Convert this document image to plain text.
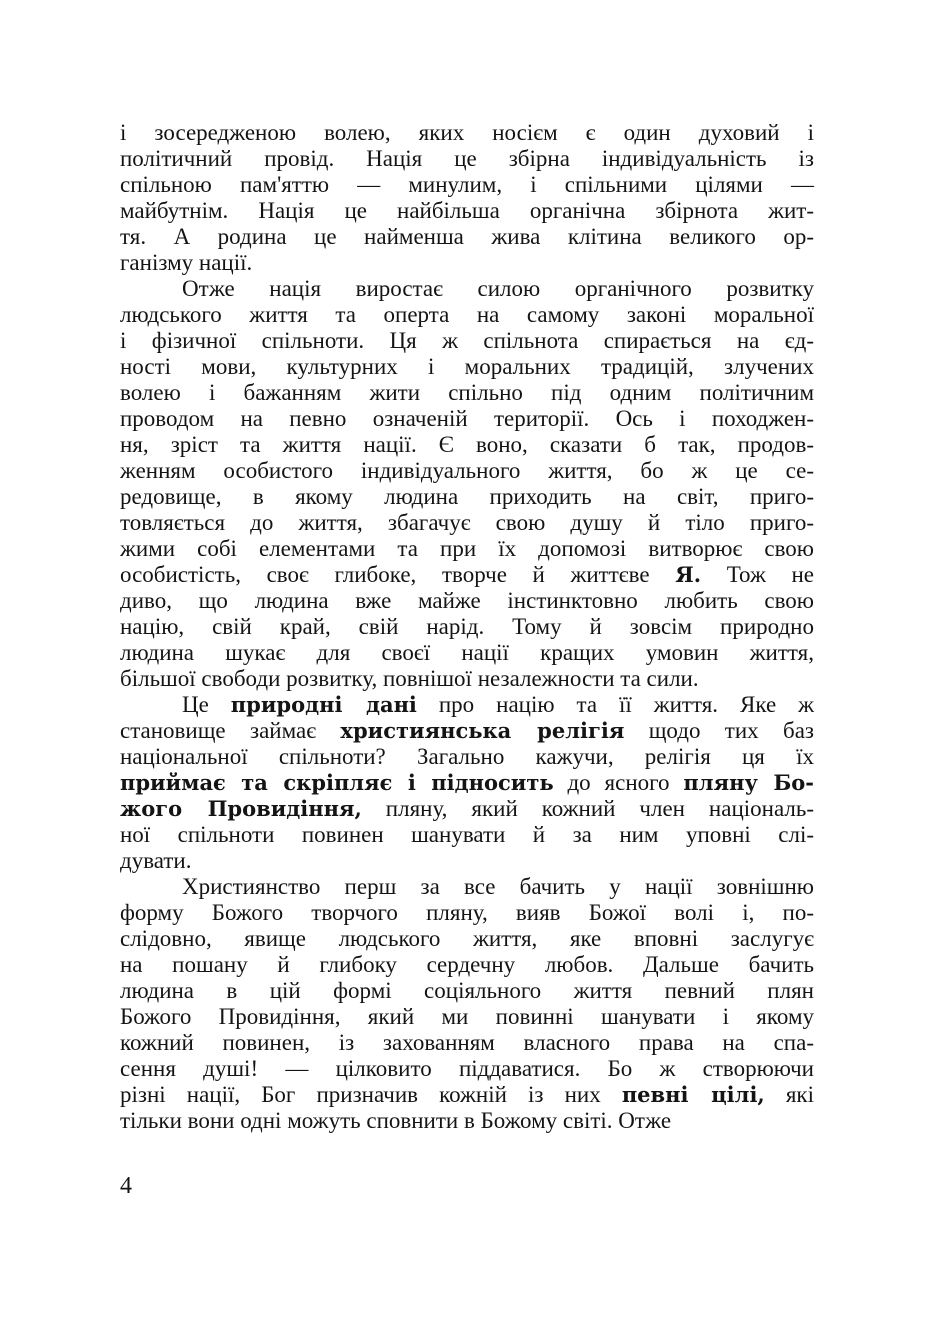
і зосередженою волею, яких носієм є один духовий і
політичний провід. Нація це збірна індивідуальність із
спільною пам'яттю — минулим, і спільними цілями —
майбутнім. Нація це найбільша органічна збірнота жит-
тя. А родина це найменша жива клітина великого ор-
ганізму нації.
Отже нація виростає силою органічного розвитку
людського життя та оперта на самому законі моральної
і фізичної спільноти. Ця ж спільнота спирається на єд-
ності мови, культурних і моральних традицій, злучених
волею і бажанням жити спільно під одним політичним
проводом на певно означеній території. Ось і походжен-
ня, зріст та життя нації. Є воно, сказати б так, продов-
женням особистого індивідуального життя, бо ж це се-
редовище, в якому людина приходить на світ, приго-
товляється до життя, збагачує свою душу й тіло приго-
жими собі елементами та при їх допомозі витворює свою
особистість, своє глибоке, творче й життєве Я. Тож не
диво, що людина вже майже інстинктовно любить свою
націю, свій край, свій нарід. Тому й зовсім природно
людина шукає для своєї нації кращих умовин життя,
більшої свободи розвитку, повнішої незалежности та сили.
Це природні дані про націю та її життя. Яке ж
становище займає християнська релігія щодо тих баз
національної спільноти? Загально кажучи, релігія ця їх
приймає та скріпляє і підносить до ясного пляну Бо-
жого Провидіння, пляну, який кожний член національ-
ної спільноти повинен шанувати й за ним уповні слі-
дувати.
Християнство перш за все бачить у нації зовнішню
форму Божого творчого пляну, вияв Божої волі і, по-
слідовно, явище людського життя, яке вповні заслугує
на пошану й глибоку сердечну любов. Дальше бачить
людина в цій формі соціяльного життя певний плян
Божого Провидіння, який ми повинні шанувати і якому
кожний повинен, із захованням власного права на спа-
сення душі! — цілковито піддаватися. Бо ж створюючи
різні нації, Бог призначив кожній із них певні цілі, які
тільки вони одні можуть сповнити в Божому світі. Отже
4
